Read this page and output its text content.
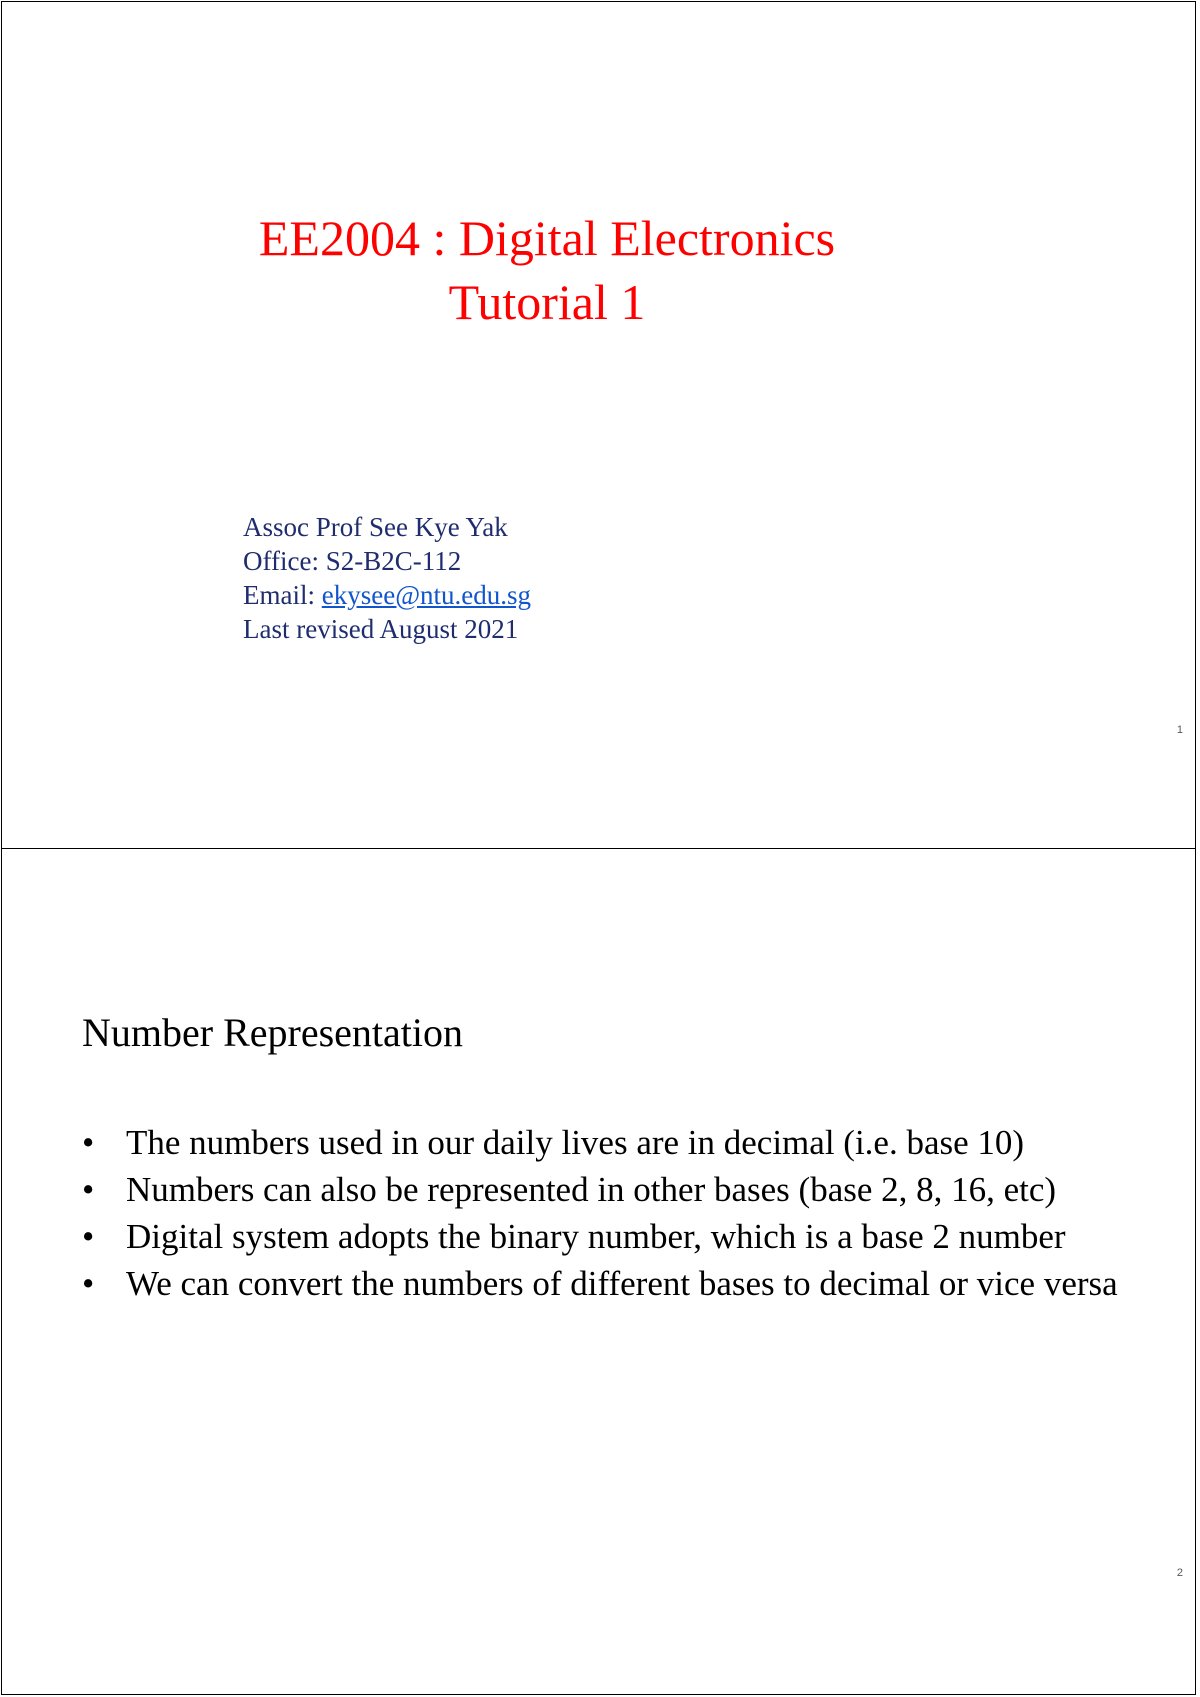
EE2004 : Digital Electronics
Tutorial 1
Assoc Prof See Kye Yak
Office: S2-B2C-112
Email: ekysee@ntu.edu.sg
Last revised August 2021
1
Number Representation
• The numbers used in our daily lives are in decimal (i.e. base 10)
• Numbers can also be represented in other bases (base 2, 8, 16, etc)
• Digital system adopts the binary number, which is a base 2 number
• We can convert the numbers of different bases to decimal or vice versa
2
